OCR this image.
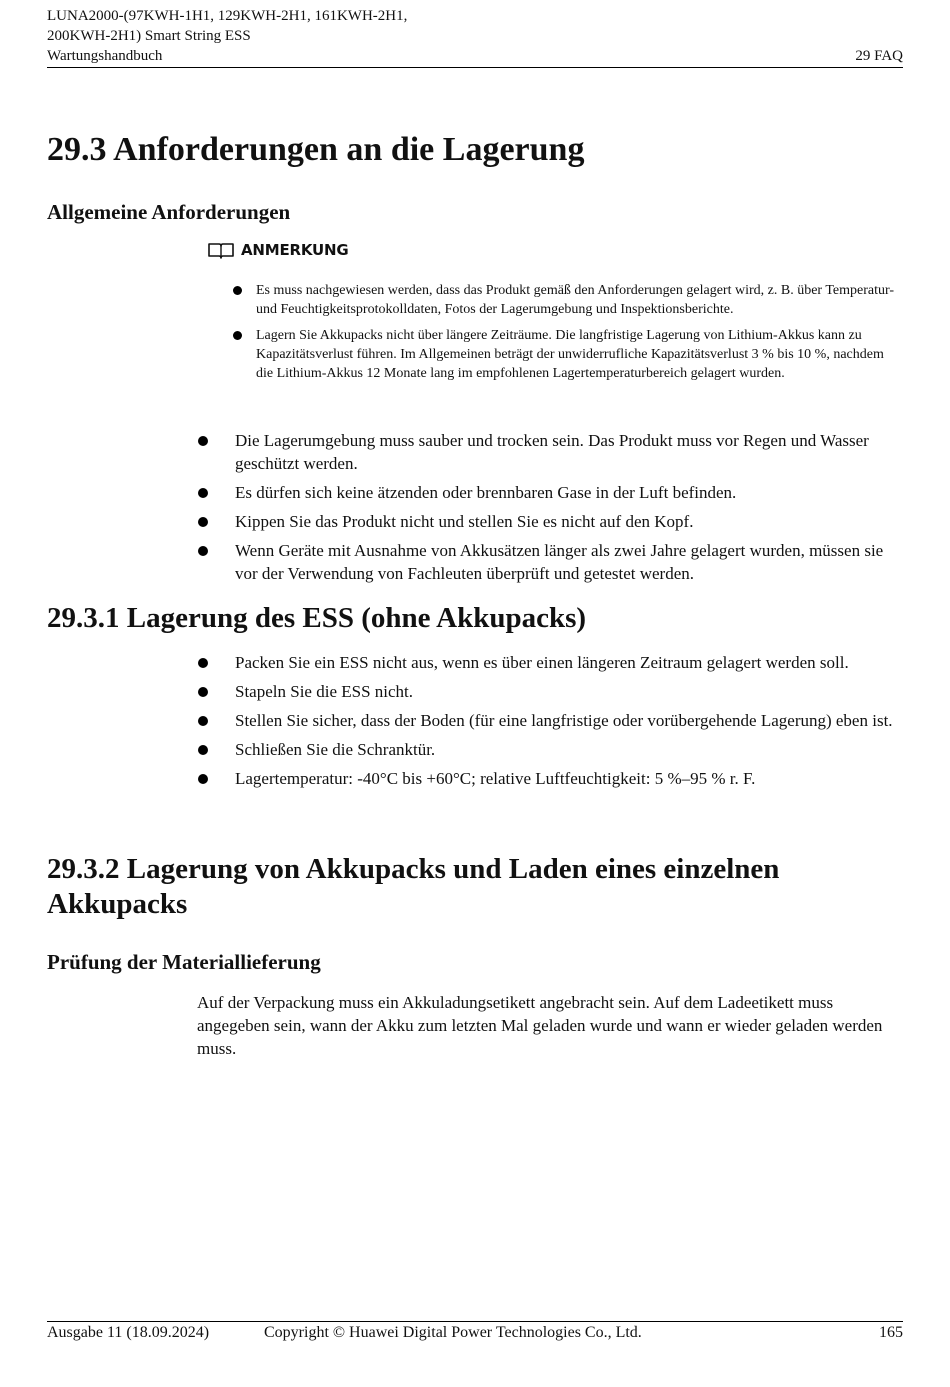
LUNA2000-(97KWH-1H1, 129KWH-2H1, 161KWH-2H1,
200KWH-2H1) Smart String ESS
Wartungshandbuch	29 FAQ
29.3 Anforderungen an die Lagerung
Allgemeine Anforderungen
ANMERKUNG
Es muss nachgewiesen werden, dass das Produkt gemäß den Anforderungen gelagert wird, z. B. über Temperatur- und Feuchtigkeitsprotokolldaten, Fotos der Lagerumgebung und Inspektionsberichte.
Lagern Sie Akkupacks nicht über längere Zeiträume. Die langfristige Lagerung von Lithium-Akkus kann zu Kapazitätsverlust führen. Im Allgemeinen beträgt der unwiderrufliche Kapazitätsverlust 3 % bis 10 %, nachdem die Lithium-Akkus 12 Monate lang im empfohlenen Lagertemperaturbereich gelagert wurden.
Die Lagerumgebung muss sauber und trocken sein. Das Produkt muss vor Regen und Wasser geschützt werden.
Es dürfen sich keine ätzenden oder brennbaren Gase in der Luft befinden.
Kippen Sie das Produkt nicht und stellen Sie es nicht auf den Kopf.
Wenn Geräte mit Ausnahme von Akkusätzen länger als zwei Jahre gelagert wurden, müssen sie vor der Verwendung von Fachleuten überprüft und getestet werden.
29.3.1 Lagerung des ESS (ohne Akkupacks)
Packen Sie ein ESS nicht aus, wenn es über einen längeren Zeitraum gelagert werden soll.
Stapeln Sie die ESS nicht.
Stellen Sie sicher, dass der Boden (für eine langfristige oder vorübergehende Lagerung) eben ist.
Schließen Sie die Schranktür.
Lagertemperatur: -40°C bis +60°C; relative Luftfeuchtigkeit: 5 %–95 % r. F.
29.3.2 Lagerung von Akkupacks und Laden eines einzelnen
Akkupacks
Prüfung der Materiallieferung

Auf der Verpackung muss ein Akkuladungsetikett angebracht sein. Auf dem Ladeetikett muss angegeben sein, wann der Akku zum letzten Mal geladen wurde und wann er wieder geladen werden muss.

Ausgabe 11 (18.09.2024)	Copyright © Huawei Digital Power Technologies Co., Ltd.	165
